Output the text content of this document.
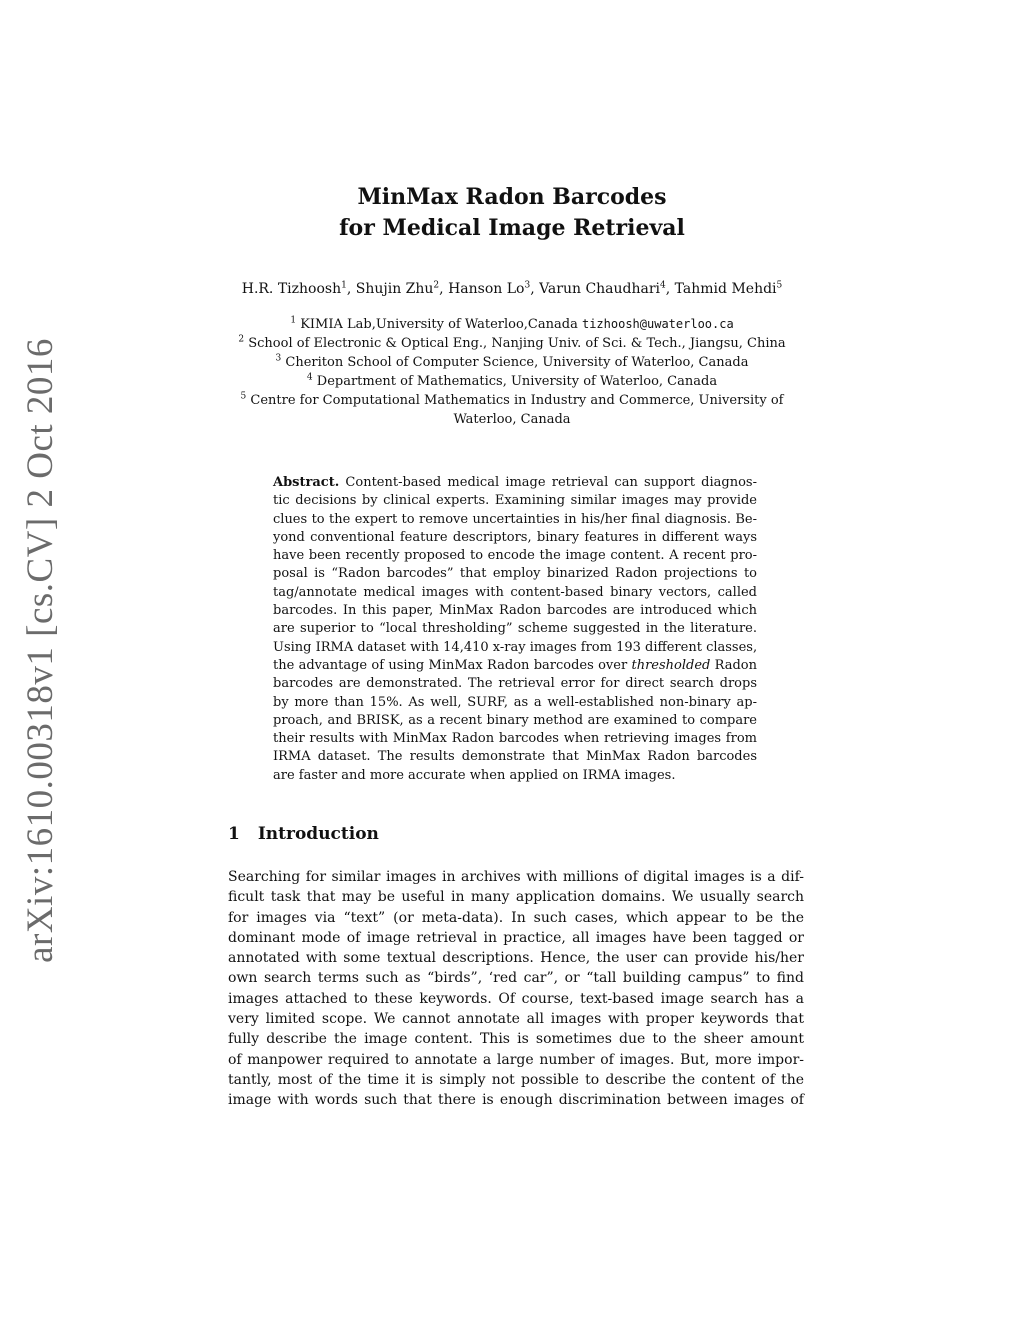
arXiv:1610.00318v1 [cs.CV] 2 Oct 2016
MinMax Radon Barcodes
for Medical Image Retrieval
H.R. Tizhoosh$^1$, Shujin Zhu$^2$, Hanson Lo$^3$, Varun Chaudhari$^4$, Tahmid Mehdi$^5$
$^1$ KIMIA Lab,University of Waterloo,Canada tizhoosh@uwaterloo.ca
$^2$ School of Electronic & Optical Eng., Nanjing Univ. of Sci. & Tech., Jiangsu, China
$^3$ Cheriton School of Computer Science, University of Waterloo, Canada
$^4$ Department of Mathematics, University of Waterloo, Canada
$^5$ Centre for Computational Mathematics in Industry and Commerce, University of
Waterloo, Canada
Abstract. Content-based medical image retrieval can support diagnos-
tic decisions by clinical experts. Examining similar images may provide
clues to the expert to remove uncertainties in his/her final diagnosis. Be-
yond conventional feature descriptors, binary features in different ways
have been recently proposed to encode the image content. A recent pro-
posal is “Radon barcodes” that employ binarized Radon projections to
tag/annotate medical images with content-based binary vectors, called
barcodes. In this paper, MinMax Radon barcodes are introduced which
are superior to “local thresholding” scheme suggested in the literature.
Using IRMA dataset with 14,410 x-ray images from 193 different classes,
the advantage of using MinMax Radon barcodes over thresholded Radon
barcodes are demonstrated. The retrieval error for direct search drops
by more than 15%. As well, SURF, as a well-established non-binary ap-
proach, and BRISK, as a recent binary method are examined to compare
their results with MinMax Radon barcodes when retrieving images from
IRMA dataset. The results demonstrate that MinMax Radon barcodes
are faster and more accurate when applied on IRMA images.
1 Introduction
Searching for similar images in archives with millions of digital images is a dif-
ficult task that may be useful in many application domains. We usually search
for images via “text” (or meta-data). In such cases, which appear to be the
dominant mode of image retrieval in practice, all images have been tagged or
annotated with some textual descriptions. Hence, the user can provide his/her
own search terms such as “birds”, ‘red car”, or “tall building campus” to find
images attached to these keywords. Of course, text-based image search has a
very limited scope. We cannot annotate all images with proper keywords that
fully describe the image content. This is sometimes due to the sheer amount
of manpower required to annotate a large number of images. But, more impor-
tantly, most of the time it is simply not possible to describe the content of the
image with words such that there is enough discrimination between images of
